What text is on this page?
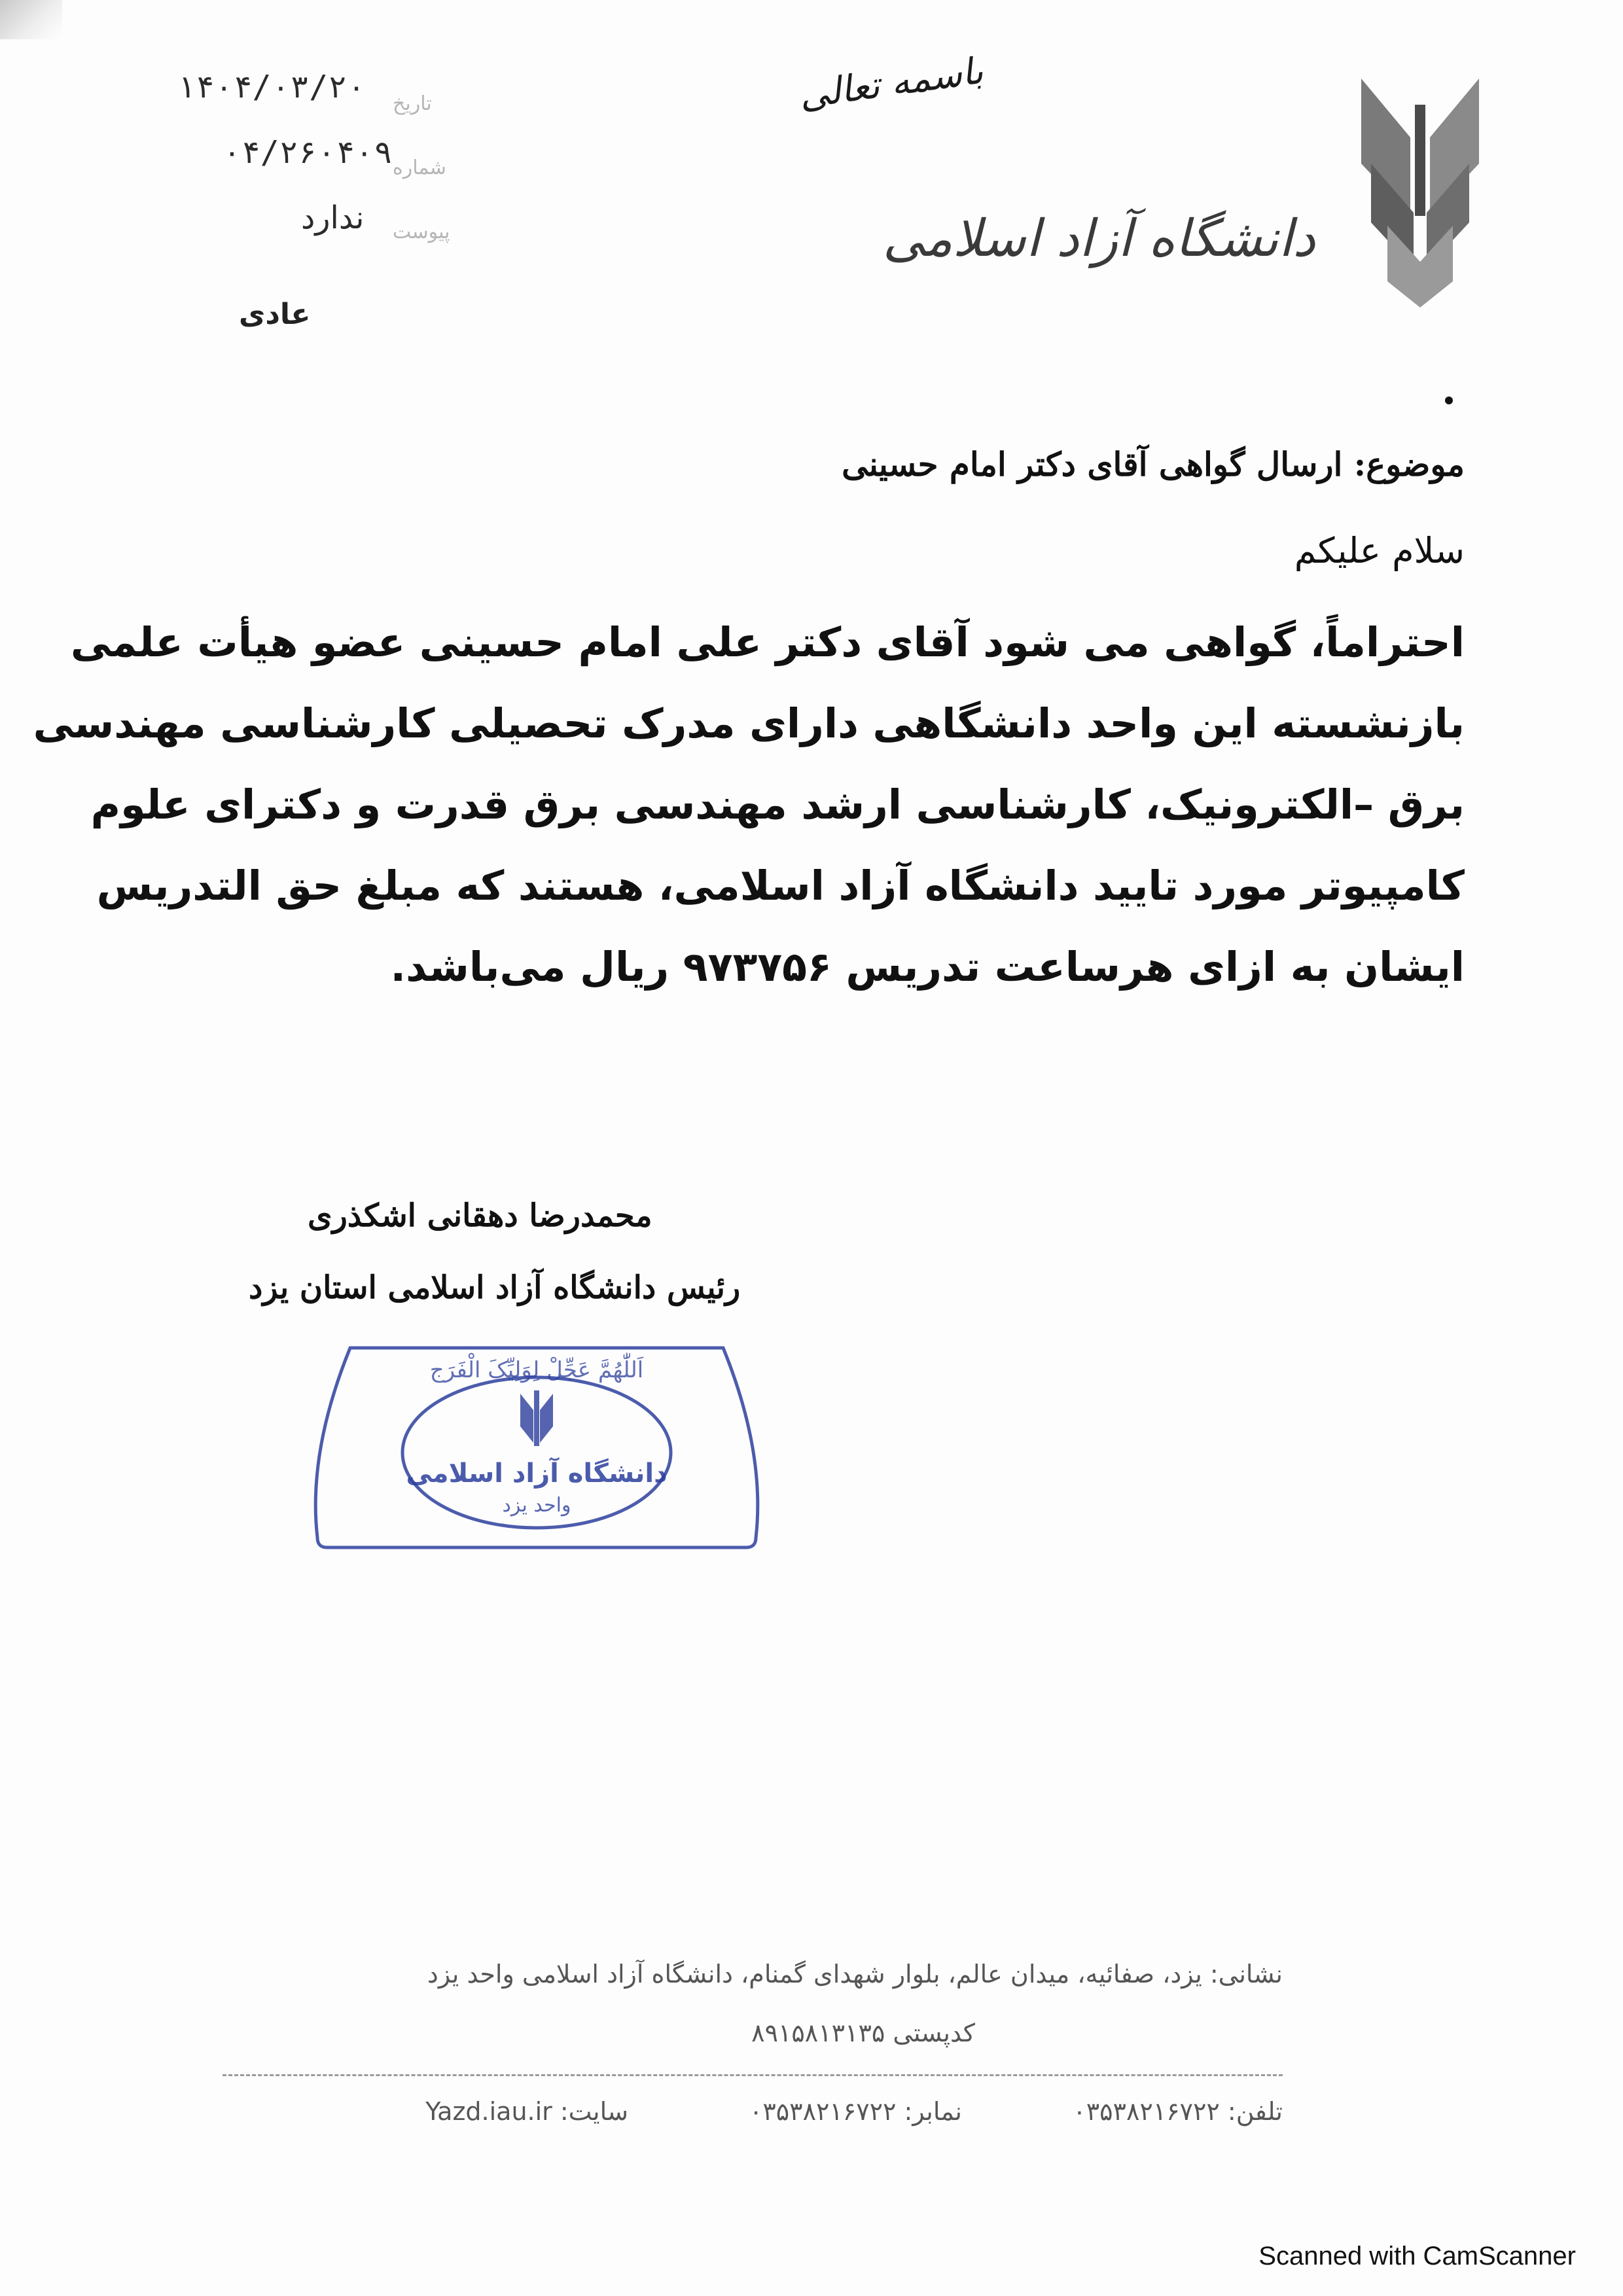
باسمه تعالی
۱۴۰۴/۰۳/۲۰
۰۴/۲۶۰۴۰۹
ندارد
تاریخ
شماره
پیوست
عادی
دانشگاه آزاد اسلامی
موضوع: ارسال گواهی آقای دکتر امام حسینی
سلام علیکم
احتراماً، گواهی می شود آقای دکتر علی امام حسینی عضو هیأت علمی
بازنشسته این واحد دانشگاهی دارای مدرک تحصیلی کارشناسی مهندسی
برق –الکترونیک، کارشناسی ارشد مهندسی برق قدرت و دکترای علوم
کامپیوتر مورد تایید دانشگاه آزاد اسلامی، هستند که مبلغ حق التدریس
ایشان به ازای هرساعت تدریس ۹۷۳۷۵۶ ریال می‌باشد.
محمدرضا دهقانی اشکذری
رئیس دانشگاه آزاد اسلامی استان یزد
اَللّٰهُمَّ عَجِّلْ لِوَلِیِّکَ الْفَرَج
دانشگاه آزاد اسلامی
واحد یزد
نشانی: یزد، صفائیه، میدان عالم، بلوار شهدای گمنام، دانشگاه آزاد اسلامی واحد یزد
کدپستی ۸۹۱۵۸۱۳۱۳۵
تلفن: ۰۳۵۳۸۲۱۶۷۲۲
نمابر: ۰۳۵۳۸۲۱۶۷۲۲
سایت: Yazd.iau.ir
Scanned with CamScanner
